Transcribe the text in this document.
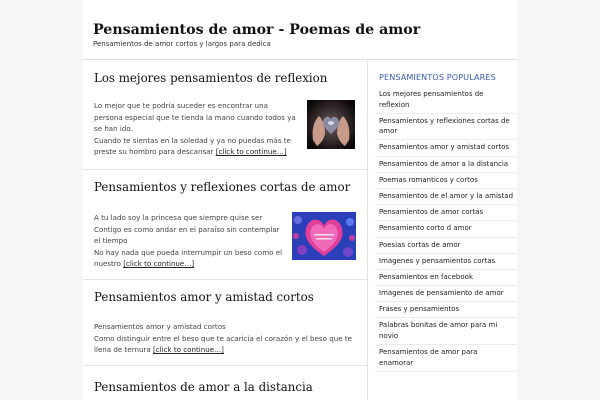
Pensamientos de amor - Poemas de amor
Pensamientos de amor cortos y largos para dedica
Los mejores pensamientos de reflexion

Lo mejor que te podría suceder es encontrar una

persona especial que te tienda la mano cuando todos ya

se han ido.

Cuando te sientas en la soledad y ya no puedas más te

preste su hombro para descansar [click to continue…]

Pensamientos y reflexiones cortas de amor

A tu lado soy la princesa que siempre quise ser

Contigo es como andar en el paraíso sin contemplar

el tiempo

No hay nada que pueda interrumpir un beso como el

nuestro [click to continue…]

Pensamientos amor y amistad cortos

Pensamientos amor y amistad cortos

Como distinguir entre el beso que te acaricia el corazón y el beso que te

llena de ternura [click to continue…]

Pensamientos de amor a la distancia
PENSAMIENTOS POPULARES
Los mejores pensamientos de reflexion
Pensamientos y reflexiones cortas de amor
Pensamientos amor y amistad cortos
Pensamientos de amor a la distancia
Poemas romanticos y cortos
Pensamientos de el amor y la amistad
Pensamientos de amor cortas
Pensamiento corto d amor
Poesias cortas de amor
Imagenes y pensamientos cortas
Pensamientos en facebook
Imagenes de pensamiento de amor
Frases y pensamientos
Palabras bonitas de amor para mi novio
Pensamientos de amor para enamorar
